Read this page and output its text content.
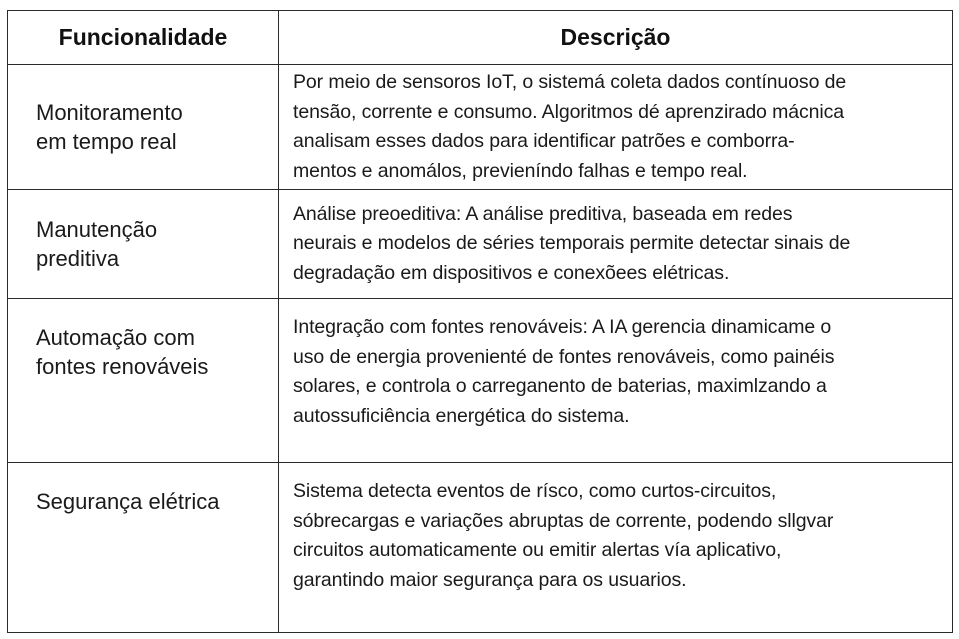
Funcionalidade	Descrição

Monitoramento
em tempo real	Por meio de sensoros IoT, o sistemá coleta dados contínuoso de
tensão, corrente e consumo. Algoritmos dé aprenzirado mácnica
analisam esses dados para identificar patrões e comborra-
mentos e anomálos, previeníndo falhas e tempo real.

Manutenção
preditiva	Análise preoeditiva: A análise preditiva, baseada em redes
neurais e modelos de séries temporais permite detectar sinais de
degradação em dispositivos e conexõees elétricas.

Automação com
fontes renováveis	Integração com fontes renováveis: A IA gerencia dinamicame o
uso de energia provenienté de fontes renováveis, como painéis
solares, e controla o carreganento de baterias, maximlzando a
autossuficiência energética do sistema.

Segurança elétrica	Sistema detecta eventos de rísco, como curtos-circuitos,
sóbrecargas e variações abruptas de corrente, podendo sllgvar
circuitos automaticamente ou emitir alertas vía aplicativo,
garantindo maior segurança para os usuarios.
